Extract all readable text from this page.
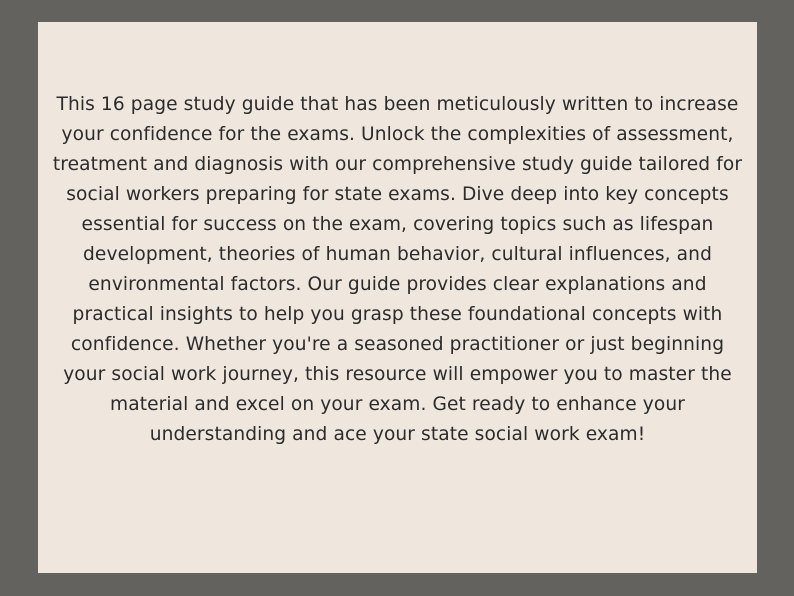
This 16 page study guide that has been meticulously written to increase your confidence for the exams. Unlock the complexities of assessment, treatment and diagnosis with our comprehensive study guide tailored for social workers preparing for state exams. Dive deep into key concepts essential for success on the exam, covering topics such as lifespan development, theories of human behavior, cultural influences, and environmental factors. Our guide provides clear explanations and practical insights to help you grasp these foundational concepts with confidence. Whether you're a seasoned practitioner or just beginning your social work journey, this resource will empower you to master the material and excel on your exam. Get ready to enhance your understanding and ace your state social work exam!
